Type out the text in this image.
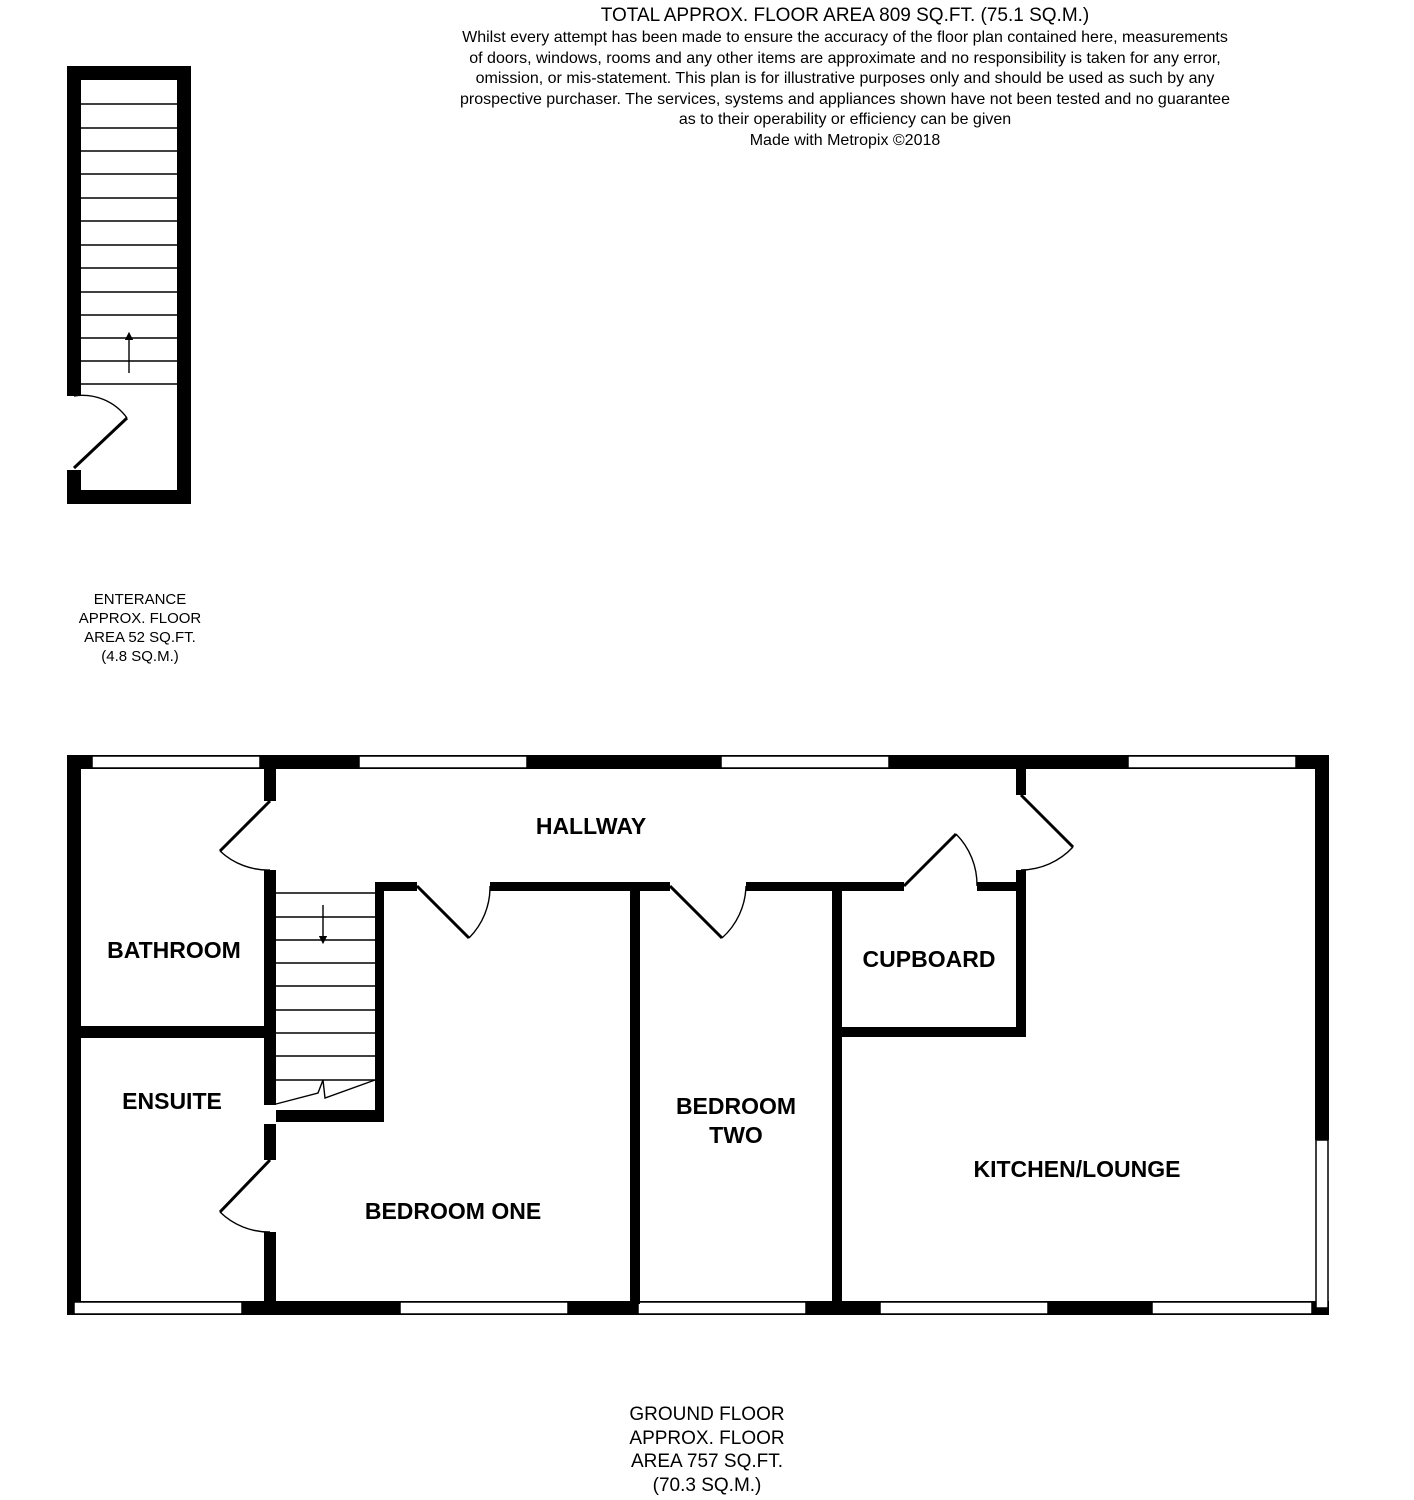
TOTAL APPROX. FLOOR AREA 809 SQ.FT. (75.1 SQ.M.)
Whilst every attempt has been made to ensure the accuracy of the floor plan contained here, measurements
of doors, windows, rooms and any other items are approximate and no responsibility is taken for any error,
omission, or mis-statement. This plan is for illustrative purposes only and should be used as such by any
prospective purchaser. The services, systems and appliances shown have not been tested and no guarantee
as to their operability or efficiency can be given
Made with Metropix ©2018
ENTERANCE
APPROX. FLOOR
AREA 52 SQ.FT.
(4.8 SQ.M.)
GROUND FLOOR
APPROX. FLOOR
AREA 757 SQ.FT.
(70.3 SQ.M.)
HALLWAY
BATHROOM	CUPBOARD
ENSUITE	BEDROOM
TWO
KITCHEN/LOUNGE
BEDROOM ONE
